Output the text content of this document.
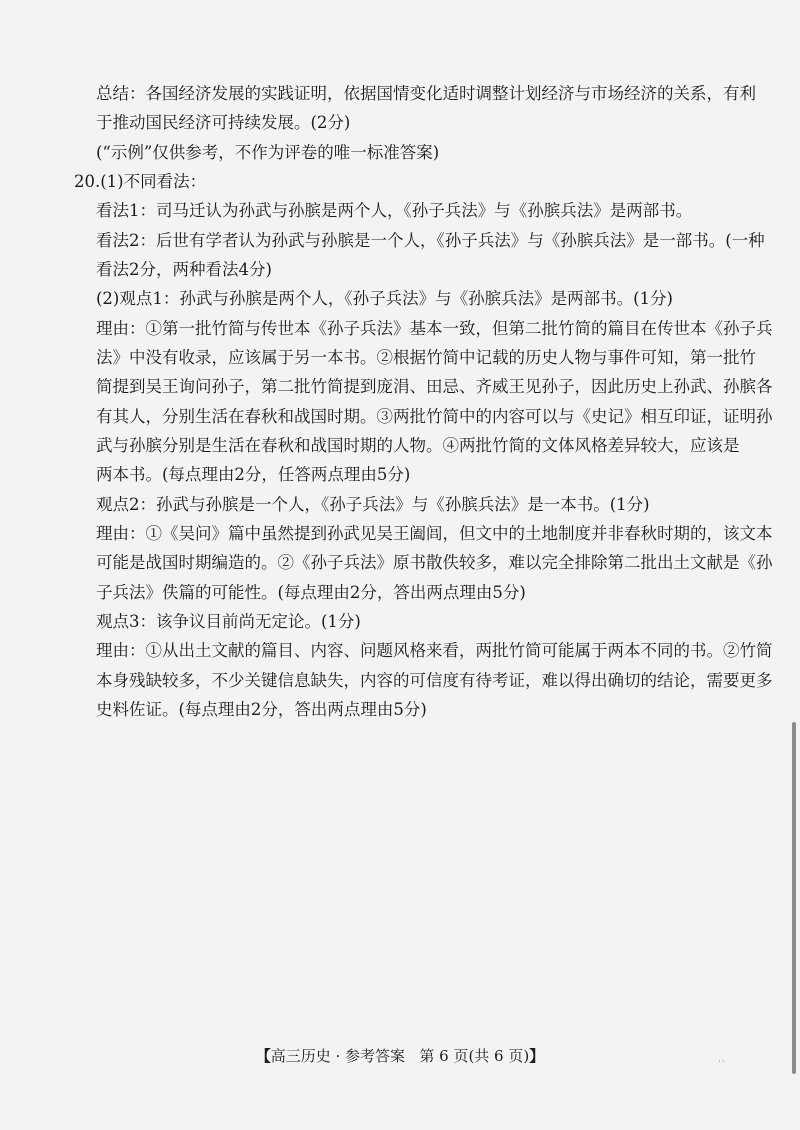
总结：各国经济发展的实践证明，依据国情变化适时调整计划经济与市场经济的关系，有利
于推动国民经济可持续发展。(2分)
(“示例”仅供参考，不作为评卷的唯一标准答案)
20.(1)不同看法：
看法1：司马迁认为孙武与孙膑是两个人，《孙子兵法》与《孙膑兵法》是两部书。
看法2：后世有学者认为孙武与孙膑是一个人，《孙子兵法》与《孙膑兵法》是一部书。(一种
看法2分，两种看法4分)
(2)观点1：孙武与孙膑是两个人，《孙子兵法》与《孙膑兵法》是两部书。(1分)
理由：①第一批竹简与传世本《孙子兵法》基本一致，但第二批竹简的篇目在传世本《孙子兵
法》中没有收录，应该属于另一本书。②根据竹简中记载的历史人物与事件可知，第一批竹
简提到吴王询问孙子，第二批竹简提到庞涓、田忌、齐威王见孙子，因此历史上孙武、孙膑各
有其人，分别生活在春秋和战国时期。③两批竹简中的内容可以与《史记》相互印证，证明孙
武与孙膑分别是生活在春秋和战国时期的人物。④两批竹简的文体风格差异较大，应该是
两本书。(每点理由2分，任答两点理由5分)
观点2：孙武与孙膑是一个人，《孙子兵法》与《孙膑兵法》是一本书。(1分)
理由：①《吴问》篇中虽然提到孙武见吴王阖闾，但文中的土地制度并非春秋时期的，该文本
可能是战国时期编造的。②《孙子兵法》原书散佚较多，难以完全排除第二批出土文献是《孙
子兵法》佚篇的可能性。(每点理由2分，答出两点理由5分)
观点3：该争议目前尚无定论。(1分)
理由：①从出土文献的篇目、内容、问题风格来看，两批竹简可能属于两本不同的书。②竹简
本身残缺较多，不少关键信息缺失，内容的可信度有待考证，难以得出确切的结论，需要更多
史料佐证。(每点理由2分，答出两点理由5分)
【高三历史 · 参考答案   第 6 页(共 6 页)】	··
